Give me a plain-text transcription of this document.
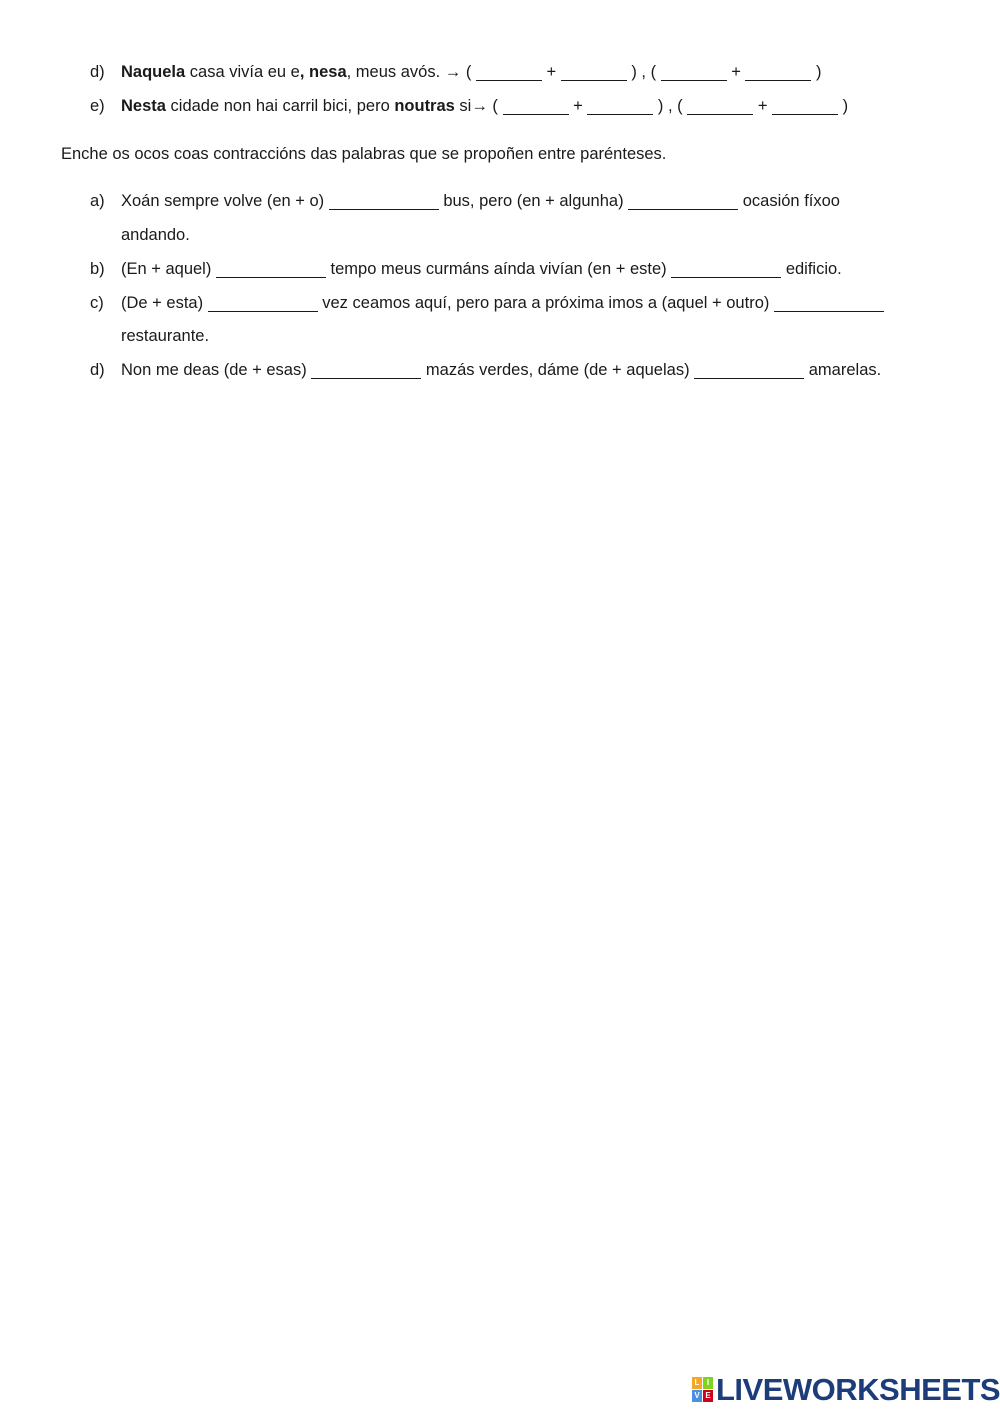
d) Naquela casa vivía eu e, nesa, meus avós. → (	+	) , (	+	)
e) Nesta cidade non hai carril bici, pero noutras si→ (	+	) , (	+	)
Enche os ocos coas contraccións das palabras que se propoñen entre parénteses.
a) Xoán sempre volve (en + o)	bus, pero (en + algunha)	ocasión fíxoo
andando.
b) (En + aquel)	tempo meus curmáns aínda vivían (en + este)	edificio.
c) (De + esta)	vez ceamos aquí, pero para a próxima imos a (aquel + outro)
restaurante.
d) Non me deas (de + esas)	mazás verdes, dáme (de + aquelas)	amarelas.
L I
V E LIVEWORKSHEETS
